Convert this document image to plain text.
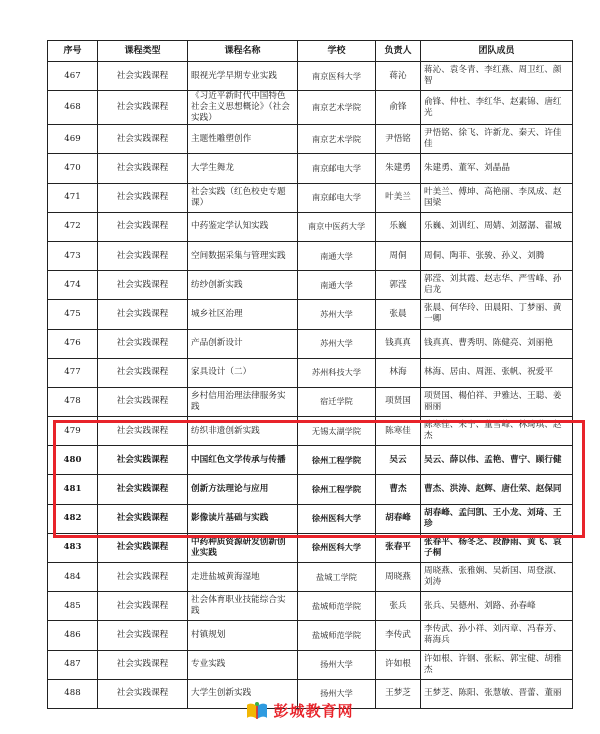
序号	课程类型	课程名称	学校	负责人	团队成员
467	社会实践课程	眼视光学早期专业实践	南京医科大学	蒋沁	蒋沁、袁冬青、李红燕、周卫红、颜智
468	社会实践课程	《习近平新时代中国特色社会主义思想概论》（社会实践）	南京艺术学院	俞锋	俞锋、仲杜、李红华、赵素锦、唐红光
469	社会实践课程	主题性雕塑创作	南京艺术学院	尹悟铭	尹悟铭、徐飞、许新龙、秦天、许佳佳
470	社会实践课程	大学生舞龙	南京邮电大学	朱建勇	朱建勇、董军、刘晶晶
471	社会实践课程	社会实践（红色校史专题课）	南京邮电大学	叶美兰	叶美兰、傅坤、高艳丽、李凤成、赵国梁
472	社会实践课程	中药鉴定学认知实践	南京中医药大学	乐巍	乐巍、刘训红、周婧、刘潺潺、翟城
473	社会实践课程	空间数据采集与管理实践	南通大学	周侗	周侗、陶菲、张骏、孙义、刘腾
474	社会实践课程	纺纱创新实践	南通大学	郭滢	郭滢、刘其霞、赵志华、严雪峰、孙启龙
475	社会实践课程	城乡社区治理	苏州大学	张晨	张晨、何华玲、田晨阳、丁梦丽、黄一卿
476	社会实践课程	产品创新设计	苏州大学	钱真真	钱真真、曹秀明、陈健亮、刘丽艳
477	社会实践课程	家具设计（二）	苏州科技大学	林海	林海、居由、周涯、张帆、祝爱平
478	社会实践课程	乡村信用治理法律服务实践	宿迁学院	项贤国	项贤国、楊伯祥、尹雅达、王聪、姜丽丽
479	社会实践课程	纺织非遗创新实践	无锡太湖学院	陈寒佳	陈寒佳、朱宁、董雪峰、林琦琪、赵杰
480	社会实践课程	中国红色文学传承与传播	徐州工程学院	吴云	吴云、薛以伟、孟艳、曹宁、顾行健
481	社会实践课程	创新方法理论与应用	徐州工程学院	曹杰	曹杰、洪涛、赵辉、唐仕荣、赵保同
482	社会实践课程	影像读片基础与实践	徐州医科大学	胡春峰	胡春峰、孟闫凯、王小龙、刘琦、王珍
483	社会实践课程	中药种质资源研发创新创业实践	徐州医科大学	张春平	张春平、杨冬芝、段静雨、黄飞、袁子桐
484	社会实践课程	走进盐城黄海湿地	盐城工学院	周晓燕	周晓燕、张雅娴、吴新国、周登淑、刘涛
485	社会实践课程	社会体育职业技能综合实践	盐城师范学院	张兵	张兵、吴德州、刘路、孙春峰
486	社会实践课程	村镇规划	盐城师范学院	李传武	李传武、孙小祥、刘丙章、冯春芳、蒋海兵
487	社会实践课程	专业实践	扬州大学	许如根	许如根、许钢、张耘、郭宝健、胡雅杰
488	社会实践课程	大学生创新实践	扬州大学	王梦芝	王梦芝、陈阳、张慧敏、晋蕾、董丽
彭城教育网
